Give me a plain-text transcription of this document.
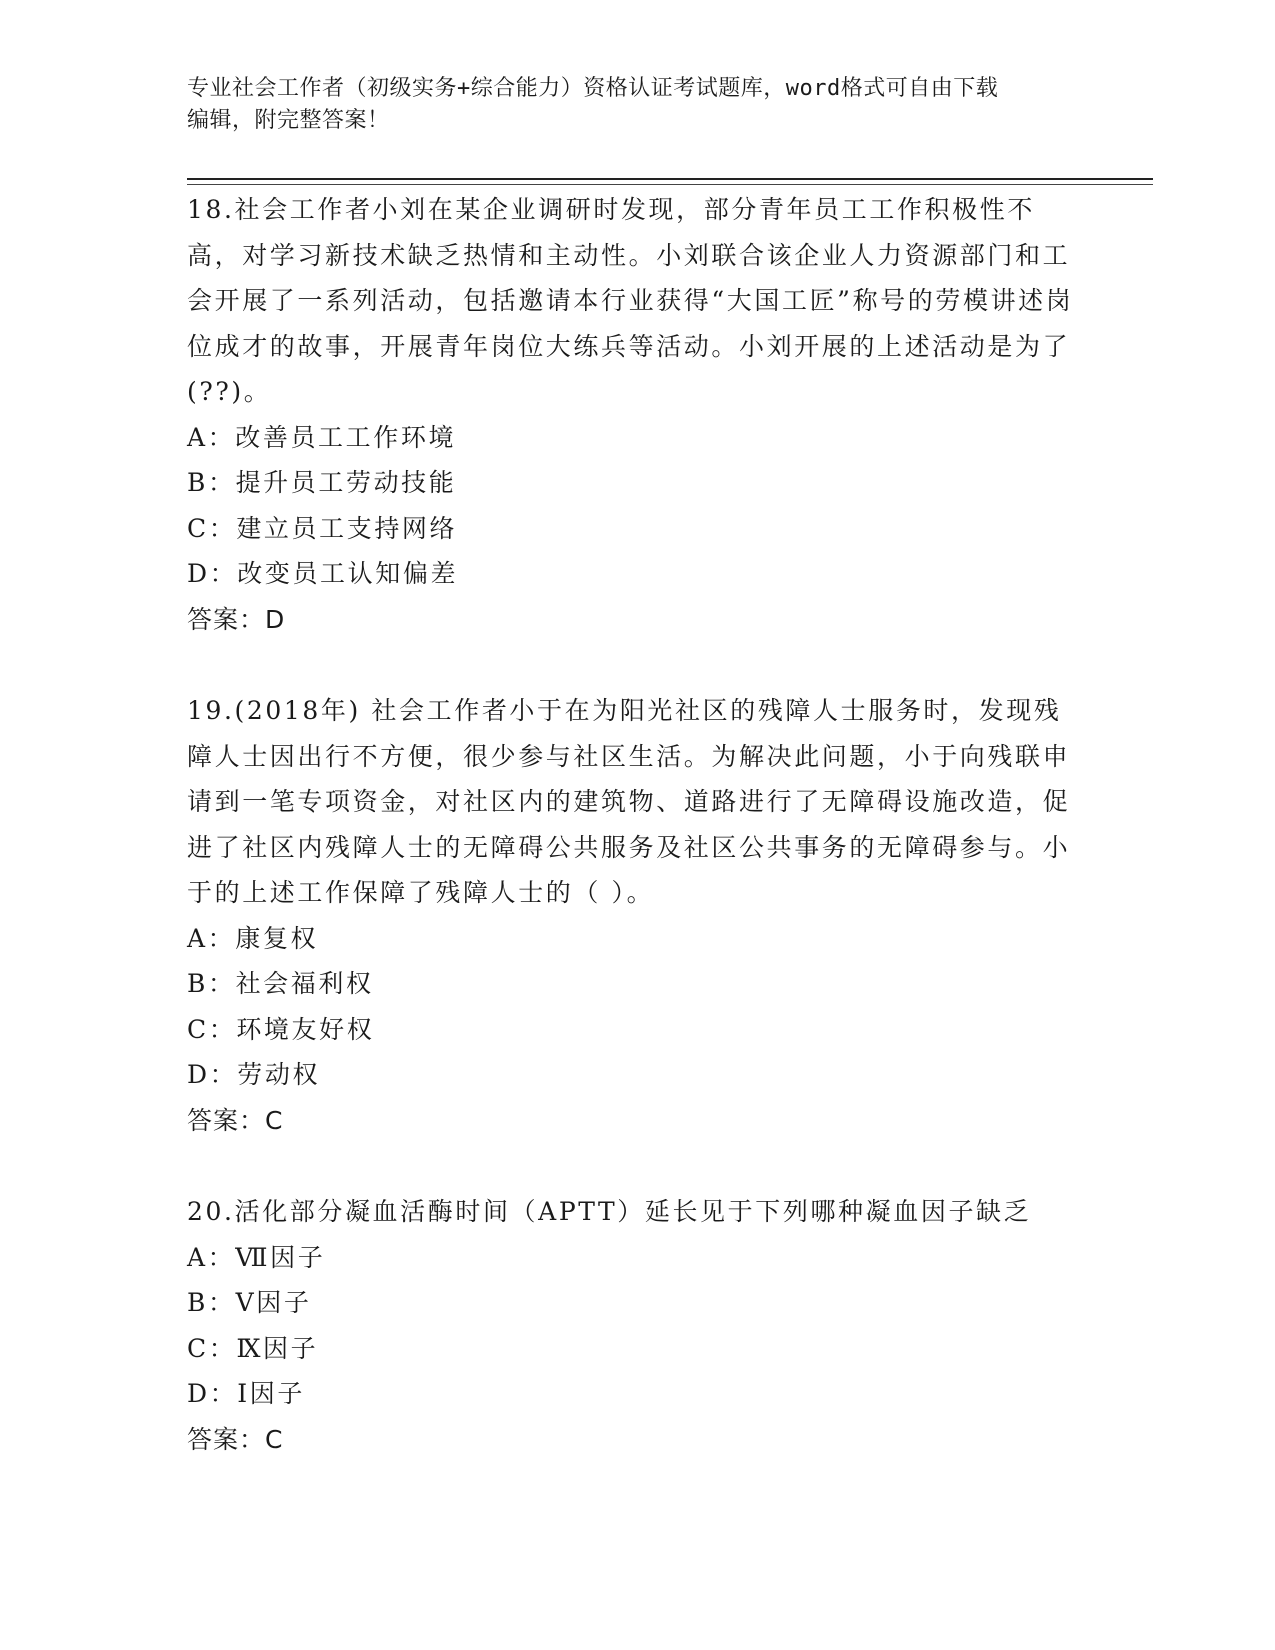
专业社会工作者（初级实务+综合能力）资格认证考试题库，word格式可自由下载
编辑，附完整答案！

18.社会工作者小刘在某企业调研时发现，部分青年员工工作积极性不高，对学习新技术缺乏热情和主动性。小刘联合该企业人力资源部门和工会开展了一系列活动，包括邀请本行业获得“大国工匠”称号的劳模讲述岗位成才的故事，开展青年岗位大练兵等活动。小刘开展的上述活动是为了(??)。

A：改善员工工作环境

B：提升员工劳动技能

C：建立员工支持网络

D：改变员工认知偏差

答案：D

19.(2018年) 社会工作者小于在为阳光社区的残障人士服务时，发现残障人士因出行不方便，很少参与社区生活。为解决此问题，小于向残联申请到一笔专项资金，对社区内的建筑物、道路进行了无障碍设施改造，促进了社区内残障人士的无障碍公共服务及社区公共事务的无障碍参与。小于的上述工作保障了残障人士的（ ）。

A：康复权

B：社会福利权

C：环境友好权

D：劳动权

答案：C

20.活化部分凝血活酶时间（APTT）延长见于下列哪种凝血因子缺乏

A：Ⅶ因子

B：Ⅴ因子

C：Ⅸ因子

D：Ⅰ因子

答案：C
